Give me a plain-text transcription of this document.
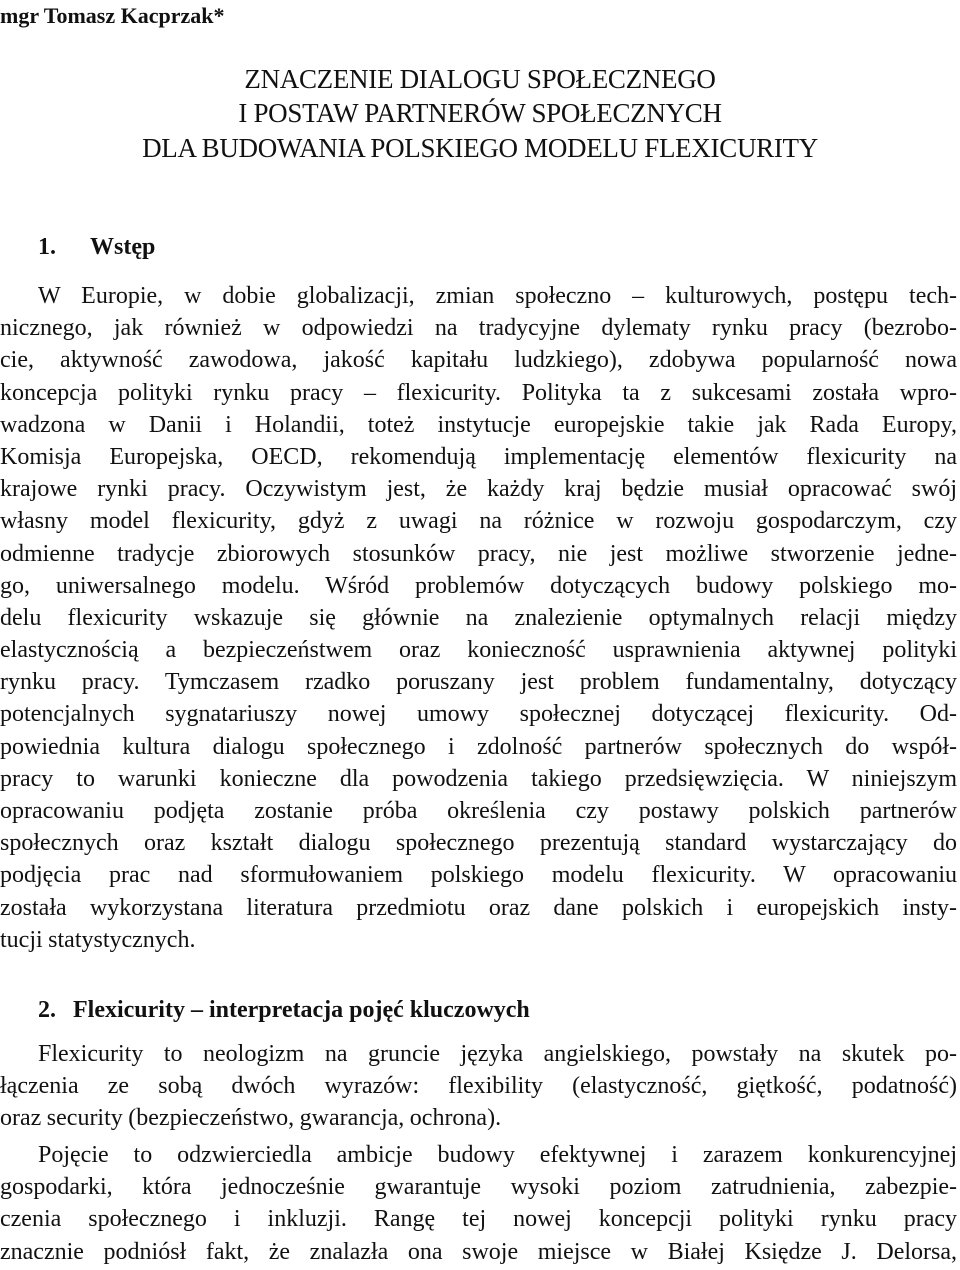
mgr Tomasz Kacprzak*
ZNACZENIE DIALOGU SPOŁECZNEGO
I POSTAW PARTNERÓW SPOŁECZNYCH
DLA BUDOWANIA POLSKIEGO MODELU FLEXICURITY
1. Wstęp
W Europie, w dobie globalizacji, zmian społeczno – kulturowych, postępu tech-
nicznego, jak również w odpowiedzi na tradycyjne dylematy rynku pracy (bezrobo-
cie, aktywność zawodowa, jakość kapitału ludzkiego), zdobywa popularność nowa
koncepcja polityki rynku pracy – flexicurity. Polityka ta z sukcesami została wpro-
wadzona w Danii i Holandii, toteż instytucje europejskie takie jak Rada Europy,
Komisja Europejska, OECD, rekomendują implementację elementów flexicurity na
krajowe rynki pracy. Oczywistym jest, że każdy kraj będzie musiał opracować swój
własny model flexicurity, gdyż z uwagi na różnice w rozwoju gospodarczym, czy
odmienne tradycje zbiorowych stosunków pracy, nie jest możliwe stworzenie jedne-
go, uniwersalnego modelu. Wśród problemów dotyczących budowy polskiego mo-
delu flexicurity wskazuje się głównie na znalezienie optymalnych relacji między
elastycznością a bezpieczeństwem oraz konieczność usprawnienia aktywnej polityki
rynku pracy. Tymczasem rzadko poruszany jest problem fundamentalny, dotyczący
potencjalnych sygnatariuszy nowej umowy społecznej dotyczącej flexicurity. Od-
powiednia kultura dialogu społecznego i zdolność partnerów społecznych do współ-
pracy to warunki konieczne dla powodzenia takiego przedsięwzięcia. W niniejszym
opracowaniu podjęta zostanie próba określenia czy postawy polskich partnerów
społecznych oraz kształt dialogu społecznego prezentują standard wystarczający do
podjęcia prac nad sformułowaniem polskiego modelu flexicurity. W opracowaniu
została wykorzystana literatura przedmiotu oraz dane polskich i europejskich insty-
tucji statystycznych.
2. Flexicurity – interpretacja pojęć kluczowych
Flexicurity to neologizm na gruncie języka angielskiego, powstały na skutek po-
łączenia ze sobą dwóch wyrazów: flexibility (elastyczność, giętkość, podatność)
oraz security (bezpieczeństwo, gwarancja, ochrona).
Pojęcie to odzwierciedla ambicje budowy efektywnej i zarazem konkurencyjnej
gospodarki, która jednocześnie gwarantuje wysoki poziom zatrudnienia, zabezpie-
czenia społecznego i inkluzji. Rangę tej nowej koncepcji polityki rynku pracy
znacznie podniósł fakt, że znalazła ona swoje miejsce w Białej Księdze J. Delorsa,
